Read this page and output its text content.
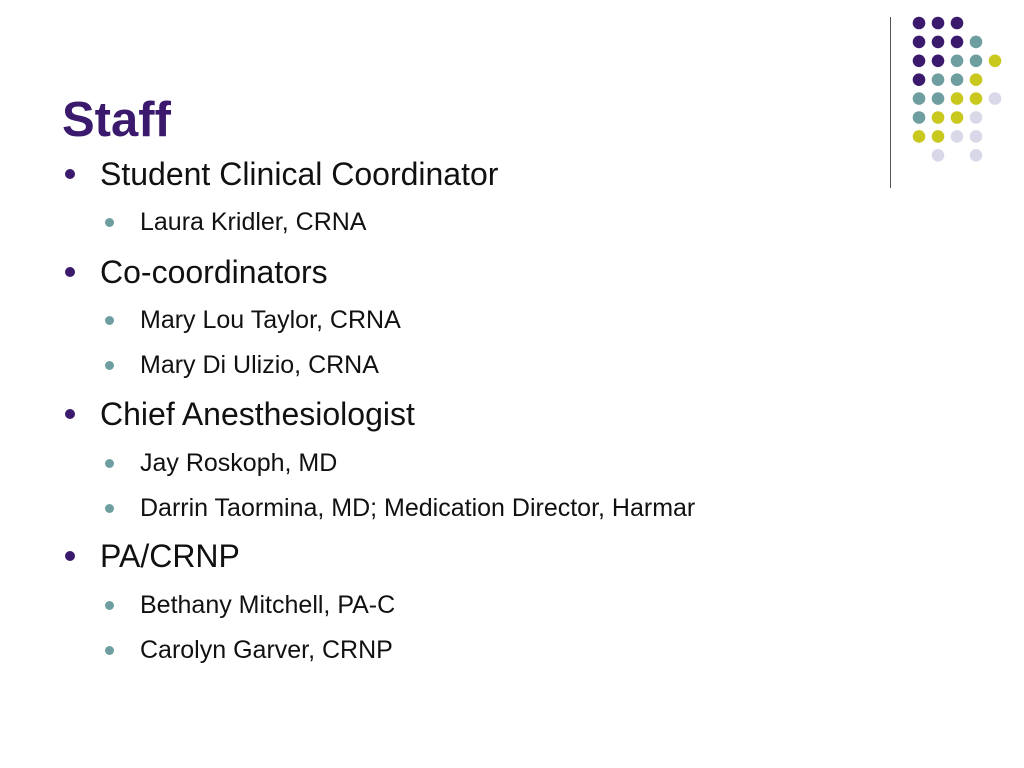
Staff
Student Clinical Coordinator
Laura Kridler, CRNA
Co-coordinators
Mary Lou Taylor, CRNA
Mary Di Ulizio, CRNA
Chief Anesthesiologist
Jay Roskoph, MD
Darrin Taormina, MD; Medication Director, Harmar
PA/CRNP
Bethany Mitchell, PA-C
Carolyn Garver, CRNP
